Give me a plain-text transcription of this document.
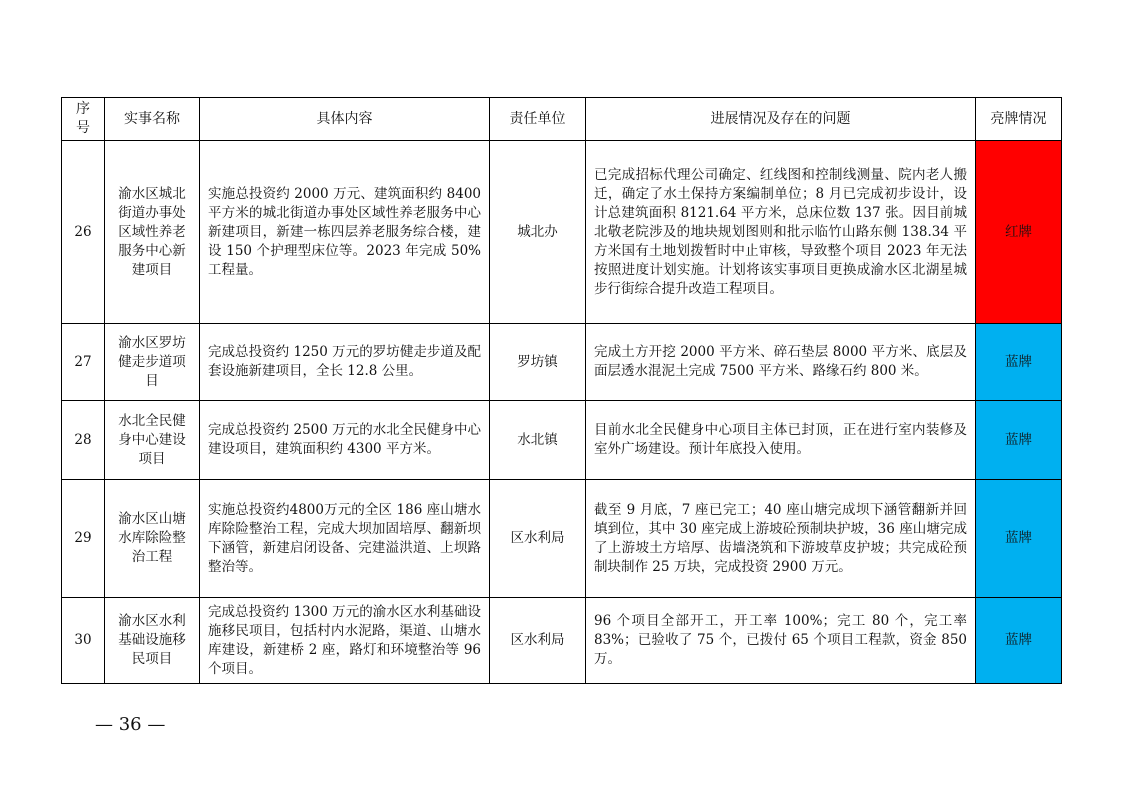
序号	实事名称	具体内容	责任单位	进展情况及存在的问题	亮牌情况
26	渝水区城北街道办事处区域性养老服务中心新建项目	实施总投资约 2000 万元、建筑面积约 8400 平方米的城北街道办事处区域性养老服务中心新建项目，新建一栋四层养老服务综合楼，建设 150 个护理型床位等。2023 年完成 50%工程量。	城北办	已完成招标代理公司确定、红线图和控制线测量、院内老人搬迁，确定了水土保持方案编制单位；8 月已完成初步设计，设计总建筑面积 8121.64 平方米，总床位数 137 张。因目前城北敬老院涉及的地块规划图则和批示临竹山路东侧 138.34 平方米国有土地划拨暂时中止审核，导致整个项目 2023 年无法按照进度计划实施。计划将该实事项目更换成渝水区北湖星城步行街综合提升改造工程项目。	红牌
27	渝水区罗坊健走步道项目	完成总投资约 1250 万元的罗坊健走步道及配套设施新建项目，全长 12.8 公里。	罗坊镇	完成土方开挖 2000 平方米、碎石垫层 8000 平方米、底层及面层透水混泥土完成 7500 平方米、路缘石约 800 米。	蓝牌
28	水北全民健身中心建设项目	完成总投资约 2500 万元的水北全民健身中心建设项目，建筑面积约 4300 平方米。	水北镇	目前水北全民健身中心项目主体已封顶，正在进行室内装修及室外广场建设。预计年底投入使用。	蓝牌
29	渝水区山塘水库除险整治工程	实施总投资约4800万元的全区 186 座山塘水库除险整治工程，完成大坝加固培厚、翻新坝下涵管，新建启闭设备、完建溢洪道、上坝路整治等。	区水利局	截至 9 月底，7 座已完工；40 座山塘完成坝下涵管翻新并回填到位，其中 30 座完成上游坡砼预制块护坡，36 座山塘完成了上游坡土方培厚、齿墙浇筑和下游坡草皮护坡；共完成砼预制块制作 25 万块，完成投资 2900 万元。	蓝牌
30	渝水区水利基础设施移民项目	完成总投资约 1300 万元的渝水区水利基础设施移民项目，包括村内水泥路，渠道、山塘水库建设，新建桥 2 座，路灯和环境整治等 96 个项目。	区水利局	96 个项目全部开工，开工率 100%；完工 80 个，完工率 83%；已验收了 75 个，已拨付 65 个项目工程款，资金 850 万。	蓝牌
— 36 —
